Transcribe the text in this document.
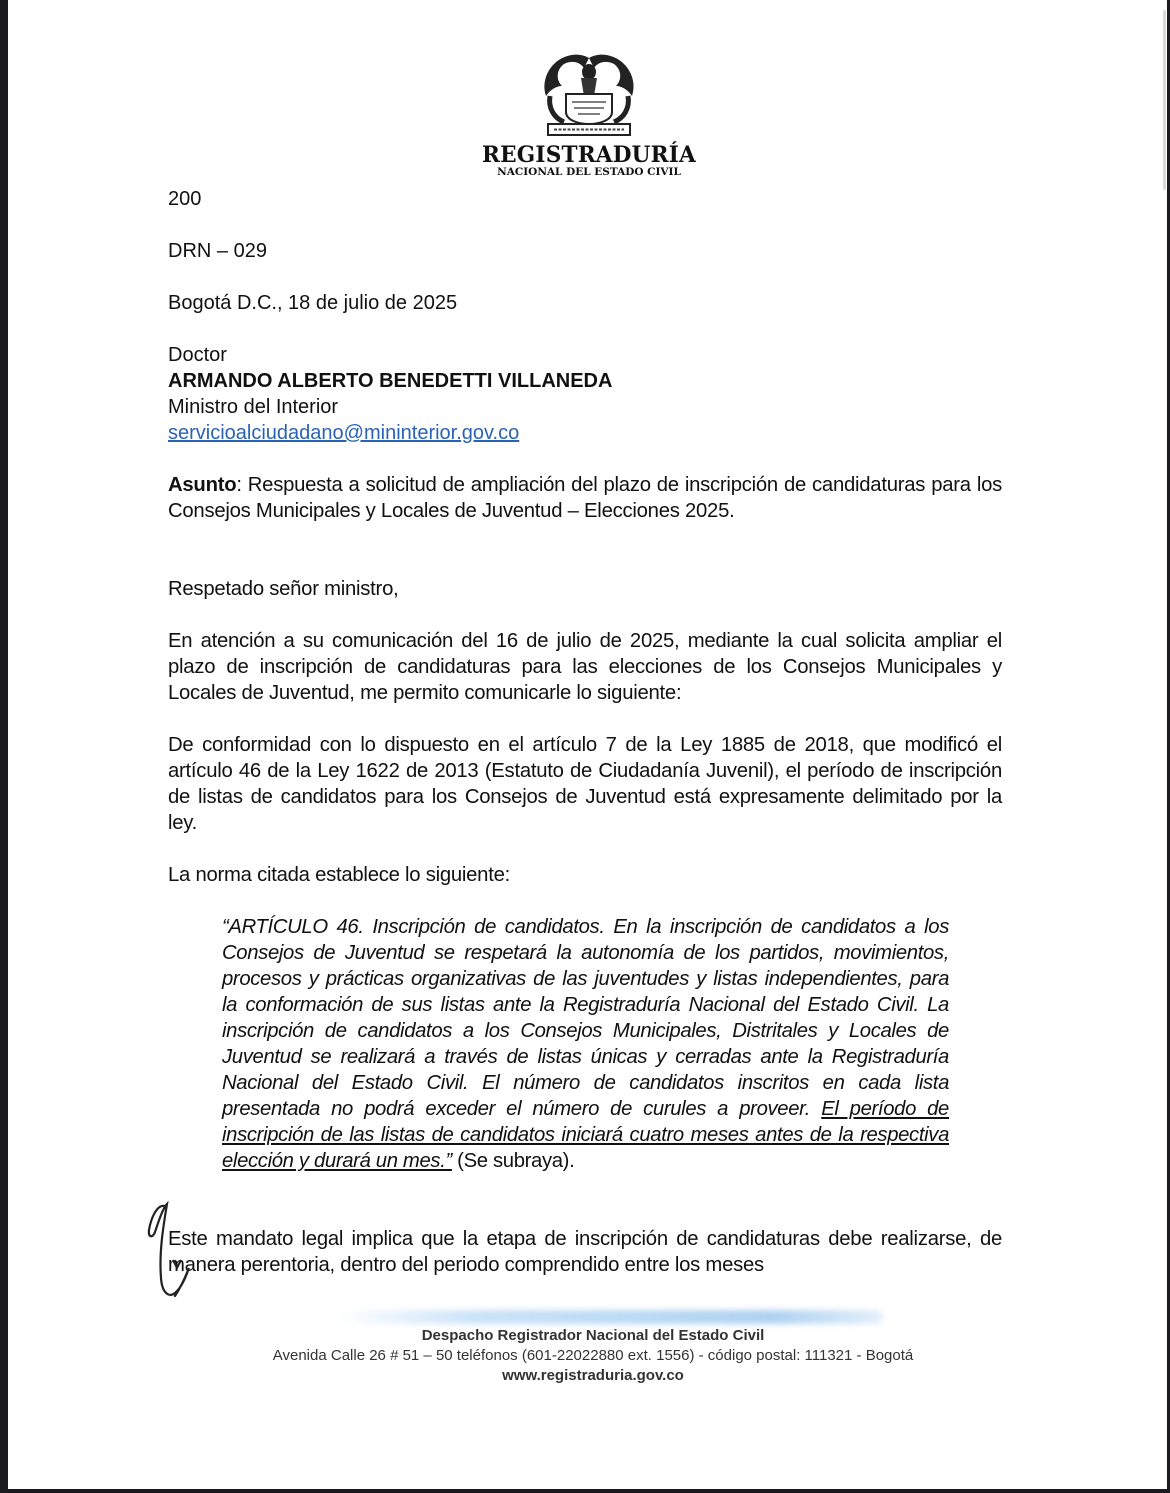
REGISTRADURÍA
NACIONAL DEL ESTADO CIVIL
200
DRN – 029
Bogotá D.C., 18 de julio de 2025
Doctor
ARMANDO ALBERTO BENEDETTI VILLANEDA
Ministro del Interior
servicioalciudadano@mininterior.gov.co
Asunto: Respuesta a solicitud de ampliación del plazo de inscripción de candidaturas para los Consejos Municipales y Locales de Juventud – Elecciones 2025.
Respetado señor ministro,
En atención a su comunicación del 16 de julio de 2025, mediante la cual solicita ampliar el plazo de inscripción de candidaturas para las elecciones de los Consejos Municipales y Locales de Juventud, me permito comunicarle lo siguiente:
De conformidad con lo dispuesto en el artículo 7 de la Ley 1885 de 2018, que modificó el artículo 46 de la Ley 1622 de 2013 (Estatuto de Ciudadanía Juvenil), el período de inscripción de listas de candidatos para los Consejos de Juventud está expresamente delimitado por la ley.
La norma citada establece lo siguiente:
“ARTÍCULO 46. Inscripción de candidatos. En la inscripción de candidatos a los Consejos de Juventud se respetará la autonomía de los partidos, movimientos, procesos y prácticas organizativas de las juventudes y listas independientes, para la conformación de sus listas ante la Registraduría Nacional del Estado Civil. La inscripción de candidatos a los Consejos Municipales, Distritales y Locales de Juventud se realizará a través de listas únicas y cerradas ante la Registraduría Nacional del Estado Civil. El número de candidatos inscritos en cada lista presentada no podrá exceder el número de curules a proveer. El período de inscripción de las listas de candidatos iniciará cuatro meses antes de la respectiva elección y durará un mes.” (Se subraya).
Este mandato legal implica que la etapa de inscripción de candidaturas debe realizarse, de manera perentoria, dentro del periodo comprendido entre los meses
Despacho Registrador Nacional del Estado Civil
Avenida Calle 26 # 51 – 50 teléfonos (601-22022880 ext. 1556) - código postal: 111321 - Bogotá
www.registraduria.gov.co
